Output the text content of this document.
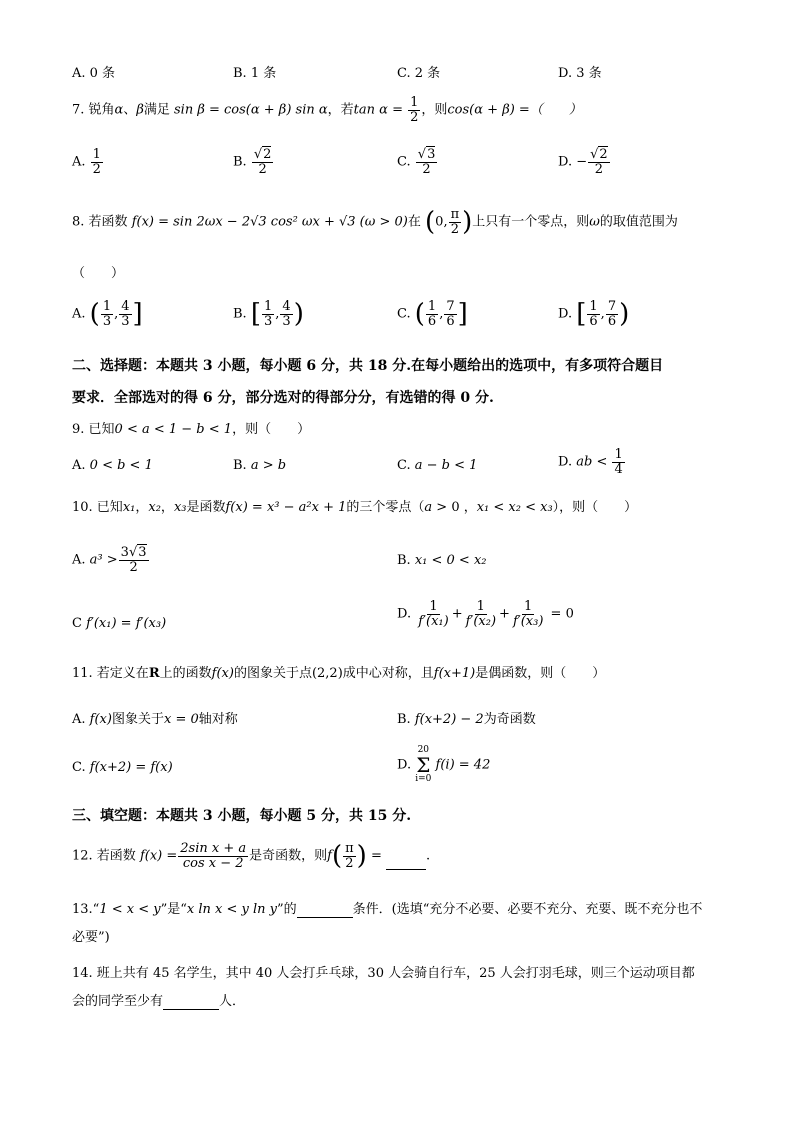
A. 0 条	B. 1 条	C. 2 条	D. 3 条
7. 锐角α、β满足 sin β = cos(α + β) sin α，若$\tan \alpha = \frac{1}{2}$ ，则cos(α + β) =（　　）
A. $\frac{1}{2}$	B. $\frac{√2}{2}$	C. $\frac{√3}{2}$	D. − $\frac{√2}{2}$
8. 若函数 f(x) = sin 2ωx − 2√3 cos² ωx + √3 (ω > 0)在 (0, $\frac{\pi}{2}$ )上只有一个零点，则ω的取值范围为
（　　）
A. ( $\frac{1}{3}$ , $\frac{4}{3}$ ]	B. [ $\frac{1}{3}$ , $\frac{4}{3}$ )	C. ( $\frac{1}{6}$ , $\frac{7}{6}$ ]	D. [ $\frac{1}{6}$ , $\frac{7}{6}$ )
二、选择题：本题共 3 小题，每小题 6 分，共 18 分.在每小题给出的选项中，有多项符合题目
要求．全部选对的得 6 分，部分选对的得部分分，有选错的得 0 分.
9. 已知0 < a < 1 − b < 1，则（　　）
A. 0 < b < 1	B. a > b	C. a − b < 1	D. ab < $\frac{1}{4}$
10. 已知x₁，x₂，x₃是函数f(x) = x³ − a²x + 1的三个零点（a > 0 ，x₁ < x₂ < x₃），则（　　）
A. $a^3 > \frac{3√3}{2}$	B. x₁ < 0 < x₂
C f′(x₁) = f′(x₃)
D. $\frac{1}{\text{f′(x₁)}} + \frac{1}{\text{f′(x₂)}} + \frac{1}{\text{f′(x₃)}} = 0$
11. 若定义在R上的函数f(x)的图象关于点(2,2)成中心对称，且f(x+1)是偶函数，则（　　）
A. f(x)图象关于x = 0轴对称	B. f(x+2) − 2为奇函数
C. f(x+2) = f(x)	D.
20
Σ
i=0
f(i) = 42
三、填空题：本题共 3 小题，每小题 5 分，共 15 分.
12. 若函数 $f(x) = \frac{\text{2sin x + a}}{\text{cos x − 2}}$ 是奇函数，则$f( \frac{\pi}{2}$ ) =	.
13.“1 < x < y”是“x ln x < y ln y”的	条件．(选填“充分不必要、必要不充分、充要、既不充分也不
必要”)
14. 班上共有 45 名学生，其中 40 人会打乒乓球，30 人会骑自行车，25 人会打羽毛球，则三个运动项目都
会的同学至少有	人．
